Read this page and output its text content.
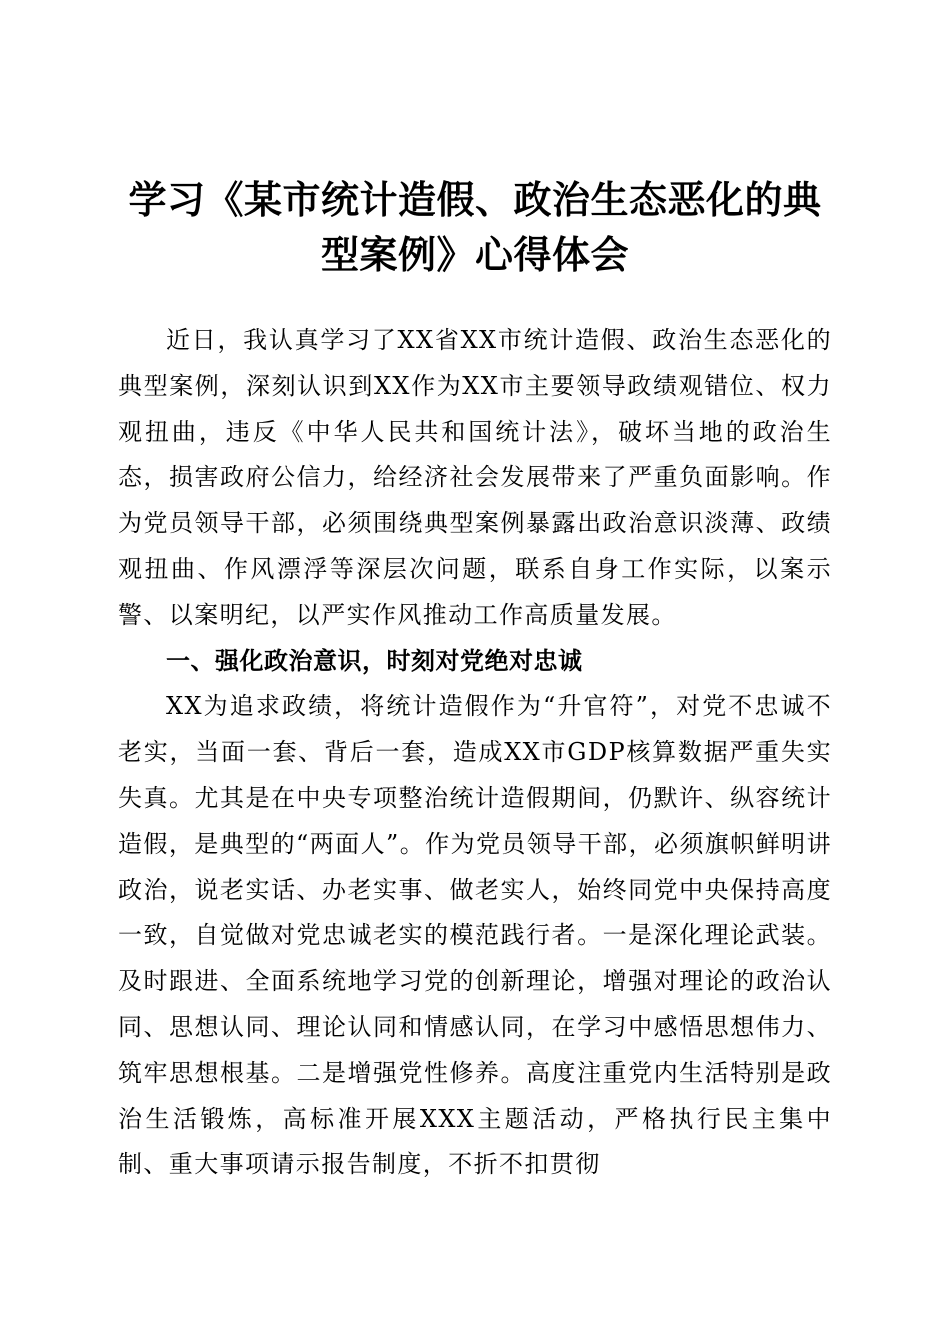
学习《某市统计造假、政治生态恶化的典型案例》心得体会

近日，我认真学习了XX省XX市统计造假、政治生态恶化的典型案例，深刻认识到XX作为XX市主要领导政绩观错位、权力观扭曲，违反《中华人民共和国统计法》，破坏当地的政治生态，损害政府公信力，给经济社会发展带来了严重负面影响。作为党员领导干部，必须围绕典型案例暴露出政治意识淡薄、政绩观扭曲、作风漂浮等深层次问题，联系自身工作实际，以案示警、以案明纪，以严实作风推动工作高质量发展。

一、强化政治意识，时刻对党绝对忠诚

XX为追求政绩，将统计造假作为“升官符”，对党不忠诚不老实，当面一套、背后一套，造成XX市GDP核算数据严重失实失真。尤其是在中央专项整治统计造假期间，仍默许、纵容统计造假，是典型的“两面人”。作为党员领导干部，必须旗帜鲜明讲政治，说老实话、办老实事、做老实人，始终同党中央保持高度一致，自觉做对党忠诚老实的模范践行者。一是深化理论武装。及时跟进、全面系统地学习党的创新理论，增强对理论的政治认同、思想认同、理论认同和情感认同，在学习中感悟思想伟力、筑牢思想根基。二是增强党性修养。高度注重党内生活特别是政治生活锻炼，高标准开展XXX主题活动，严格执行民主集中制、重大事项请示报告制度，不折不扣贯彻
